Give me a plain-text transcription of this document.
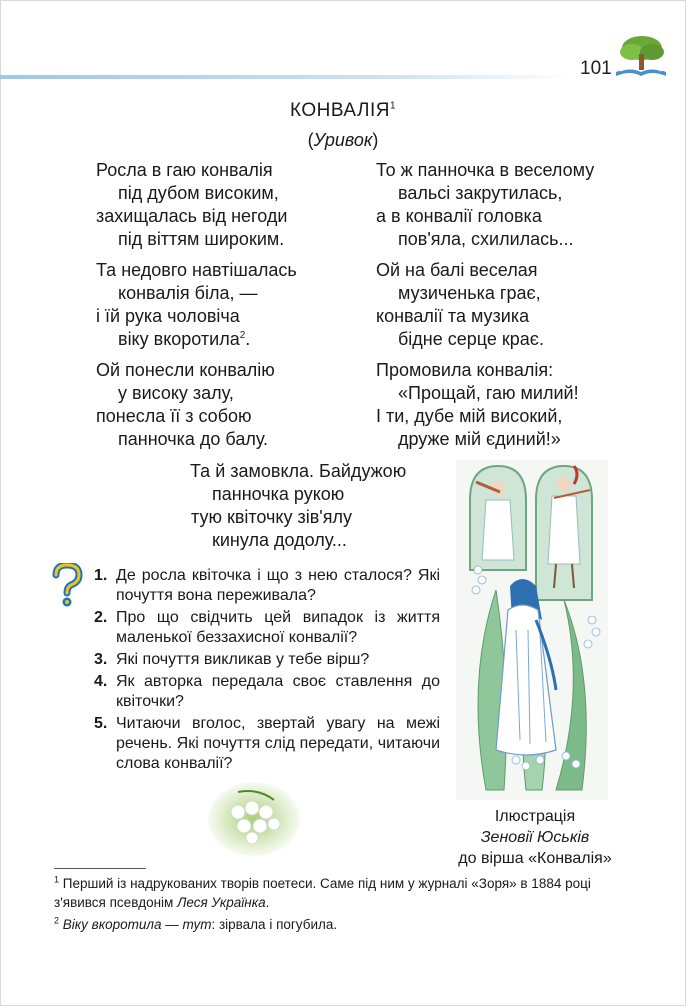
101
КОНВАЛІЯ$^1$
(Уривок)
Росла в гаю конвалія
під дубом високим,
захищалась від негоди
під віттям широким.
Та недовго навтішалась
конвалія біла, —
і їй рука чоловіча
віку вкоротила$^2$.
Ой понесли конвалію
у високу залу,
понесла її з собою
панночка до балу.
То ж панночка в веселому
вальсі закрутилась,
а в конвалії головка
пов'яла, схилилась...
Ой на балі веселая
музиченька грає,
конвалії та музика
бідне серце крає.
Промовила конвалія:
«Прощай, гаю милий!
І ти, дубе мій високий,
друже мій єдиний!»
Та й замовкла. Байдужою
панночка рукою
тую квіточку зів'ялу
кинула додолу...
1. Де росла квіточка і що з нею сталося? Які почуття вона переживала?
2. Про що свідчить цей випадок із життя маленької беззахисної конвалії?
3. Які почуття викликав у тебе вірш?
4. Як авторка передала своє ставлення до квіточки?
5. Читаючи вголос, звертай увагу на межі речень. Які почуття слід передати, читаючи слова конвалії?
Ілюстрація
Зеновії Юськів
до вірша «Конвалія»
$^1$ Перший із надрукованих творів поетеси. Саме під ним у журналі «Зоря» в 1884 році з'явився псевдонім Леся Українка.
$^2$ Віку вкоротила — тут: зірвала і погубила.
